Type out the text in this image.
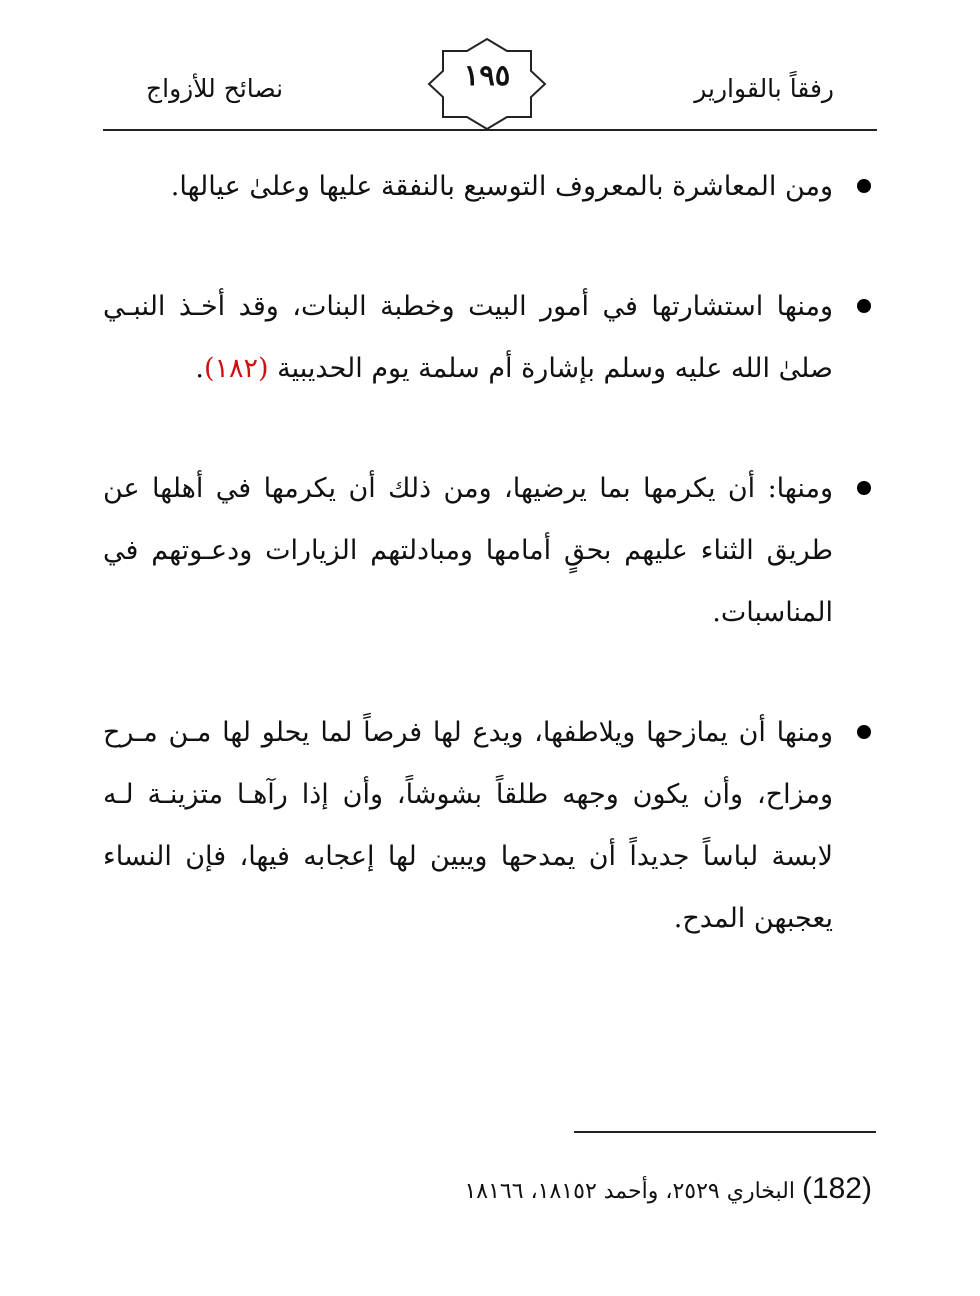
رفقاً بالقوارير
١٩٥
نصائح للأزواج

ومن المعاشرة بالمعروف التوسيع بالنفقة عليها وعلىٰ عيالها.

ومنها استشارتها في أمور البيت وخطبة البنات، وقد أخـذ النبـي صلىٰ الله عليه وسلم بإشارة أم سلمة يوم الحديبية (١٨٢).

ومنها: أن يكرمها بما يرضيها، ومن ذلك أن يكرمها في أهلها عن طريق الثناء عليهم بحقٍ أمامها ومبادلتهم الزيارات ودعـوتهم في المناسبات.

ومنها أن يمازحها ويلاطفها، ويدع لها فرصاً لما يحلو لها مـن مـرح ومزاح، وأن يكون وجهه طلقاً بشوشاً، وأن إذا رآهـا متزينـة لـه لابسة لباساً جديداً أن يمدحها ويبين لها إعجابه فيها، فإن النساء يعجبهن المدح.

(182) البخاري ٢٥٢٩، وأحمد ١٨١٥٢، ١٨١٦٦
